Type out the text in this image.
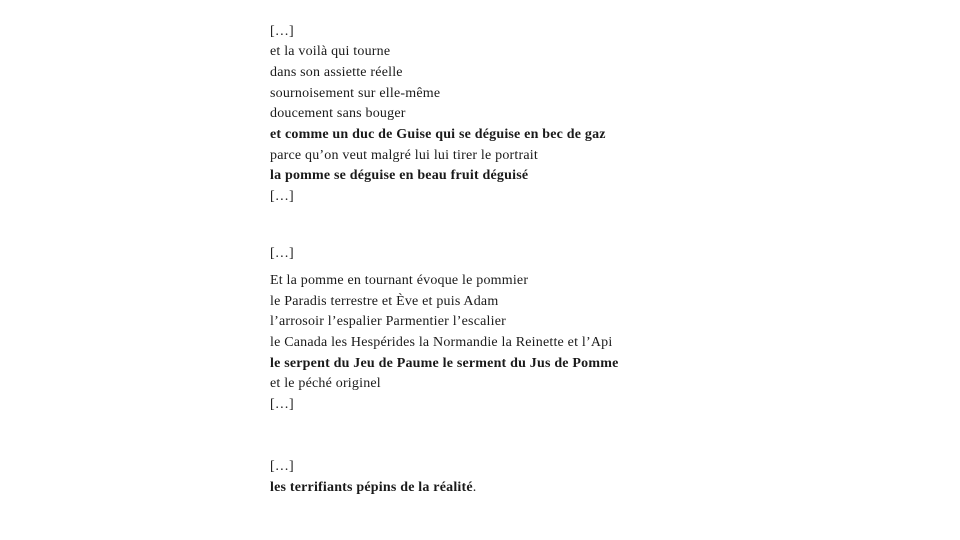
[…]
et la voilà qui tourne
dans son assiette réelle
sournoisement sur elle-même
doucement sans bouger
et comme un duc de Guise qui se déguise en bec de gaz
parce qu’on veut malgré lui lui tirer le portrait
la pomme se déguise en beau fruit déguisé
[…]
[…]
Et la pomme en tournant évoque le pommier
le Paradis terrestre et Ève et puis Adam
l’arrosoir l’espalier Parmentier l’escalier
le Canada les Hespérides la Normandie la Reinette et l’Api
le serpent du Jeu de Paume le serment du Jus de Pomme
et le péché originel
[…]
[…]
les terrifiants pépins de la réalité.
